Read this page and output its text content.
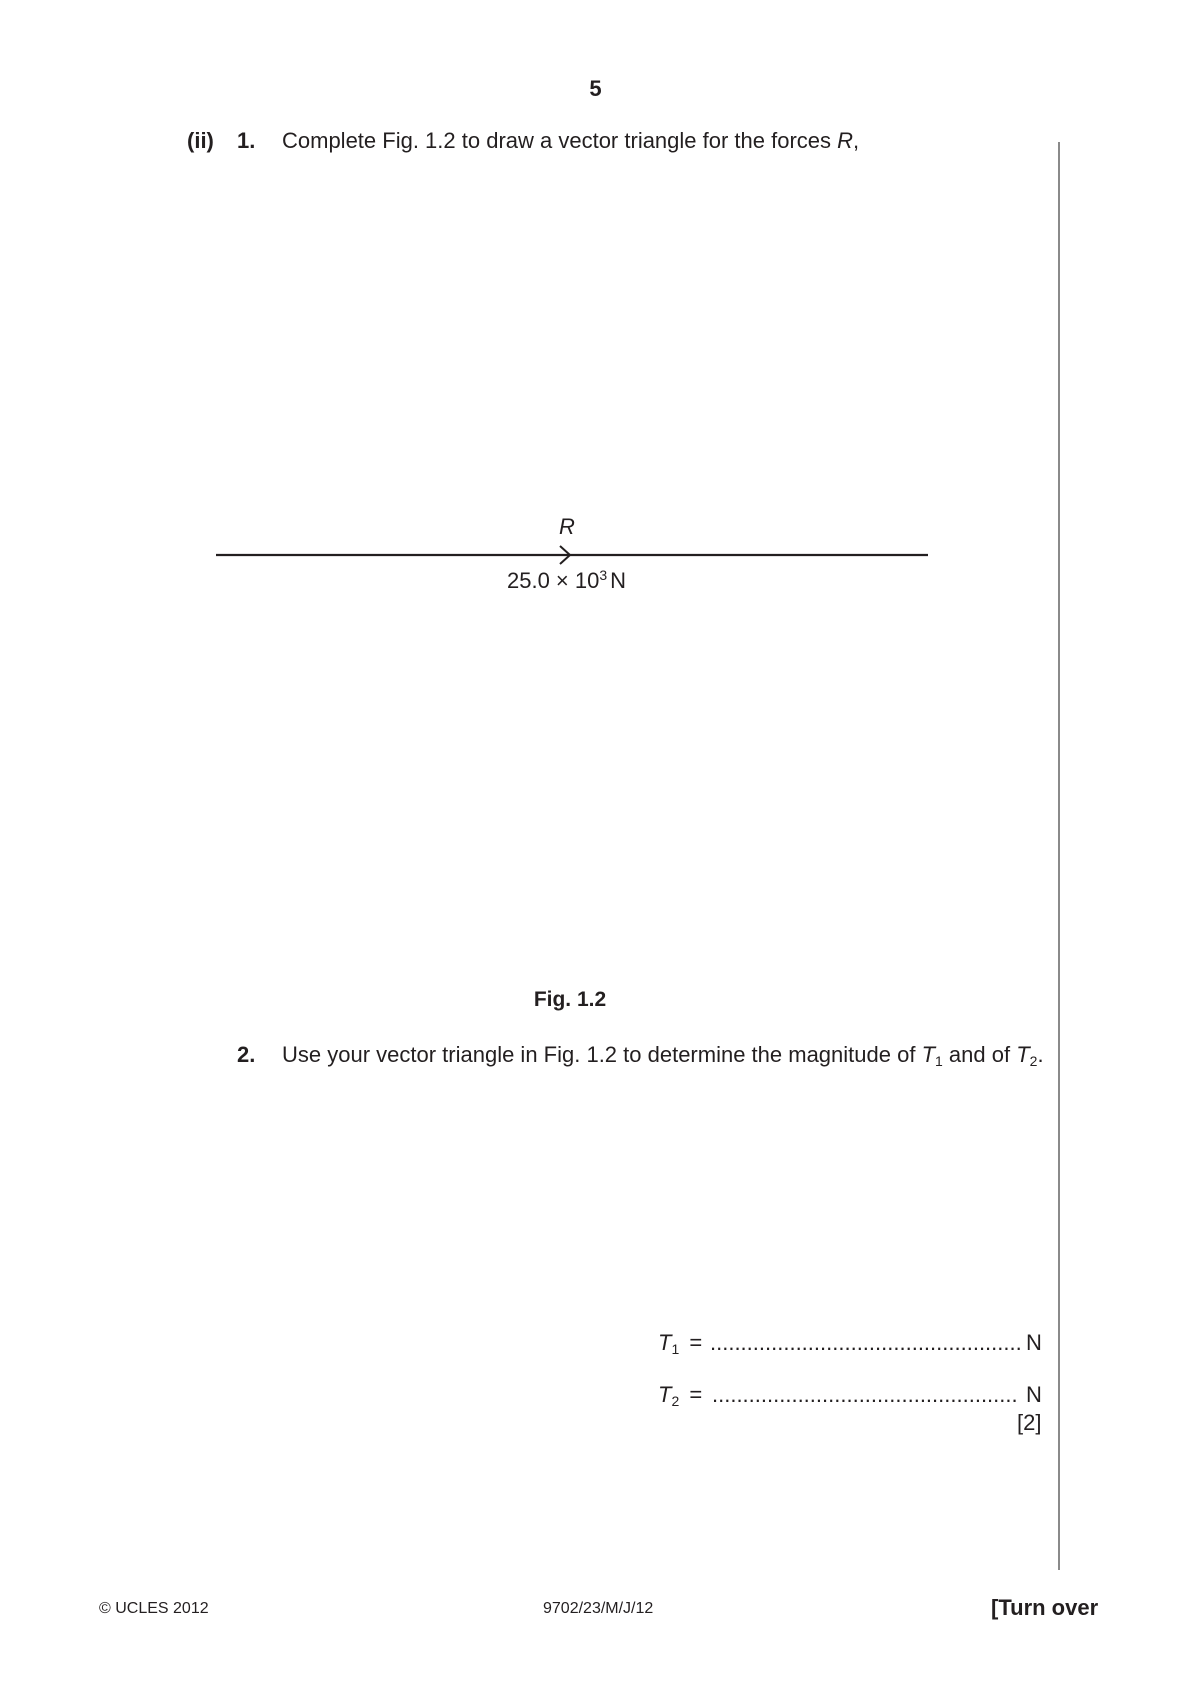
5
(ii) 1. Complete Fig. 1.2 to draw a vector triangle for the forces R,
R
$25.0 \times 10^3$ N
Fig. 1.2
2. Use your vector triangle in Fig. 1.2 to determine the magnitude of $T_1$ and of $T_2$.
$T_1$ = ................................................... N
$T_2$ = .................................................. N
[2]
© UCLES 2012	9702/23/M/J/12	[Turn over
